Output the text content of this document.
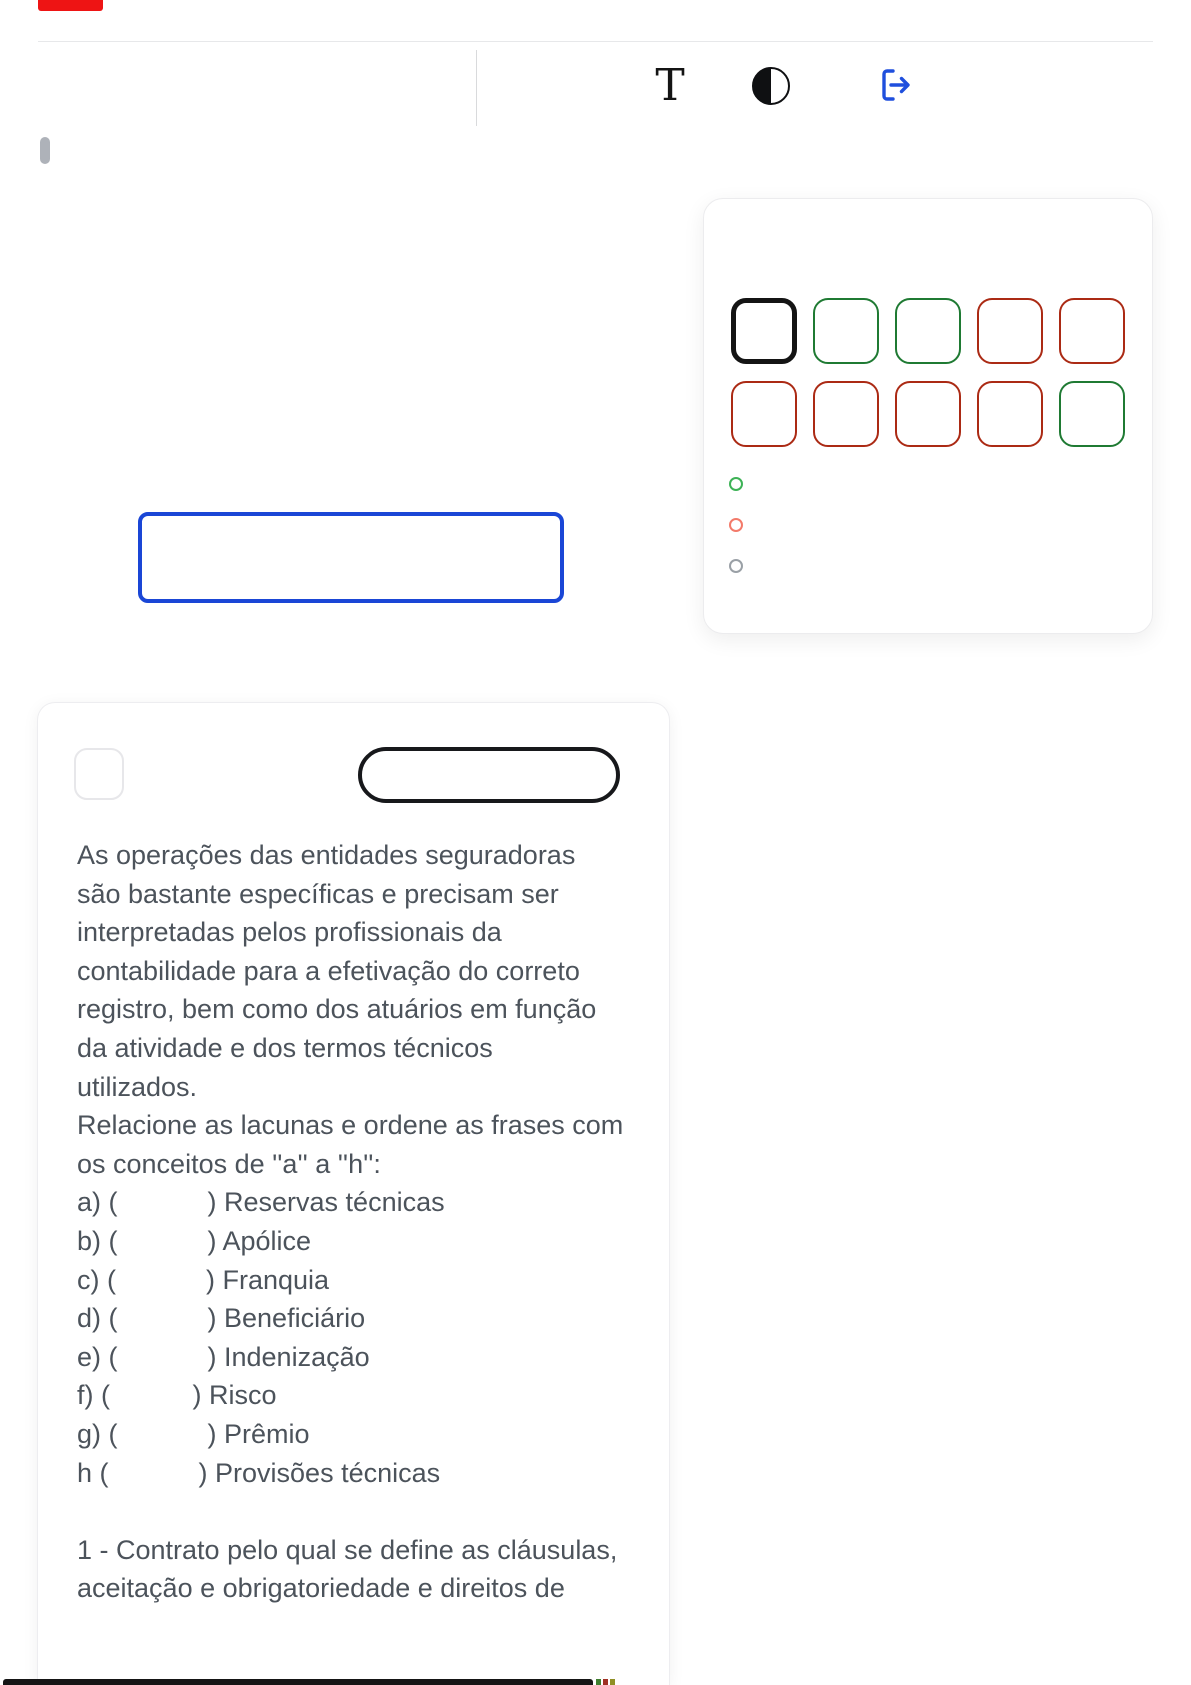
T
As operações das entidades seguradoras
são bastante específicas e precisam ser
interpretadas pelos profissionais da
contabilidade para a efetivação do correto
registro, bem como dos atuários em função
da atividade e dos termos técnicos
utilizados.
Relacione as lacunas e ordene as frases com
os conceitos de ''a'' a ''h'':
a) (            ) Reservas técnicas
b) (            ) Apólice
c) (            ) Franquia
d) (            ) Beneficiário
e) (            ) Indenização
f) (           ) Risco
g) (            ) Prêmio
h (            ) Provisões técnicas

1 - Contrato pelo qual se define as cláusulas,
aceitação e obrigatoriedade e direitos de
